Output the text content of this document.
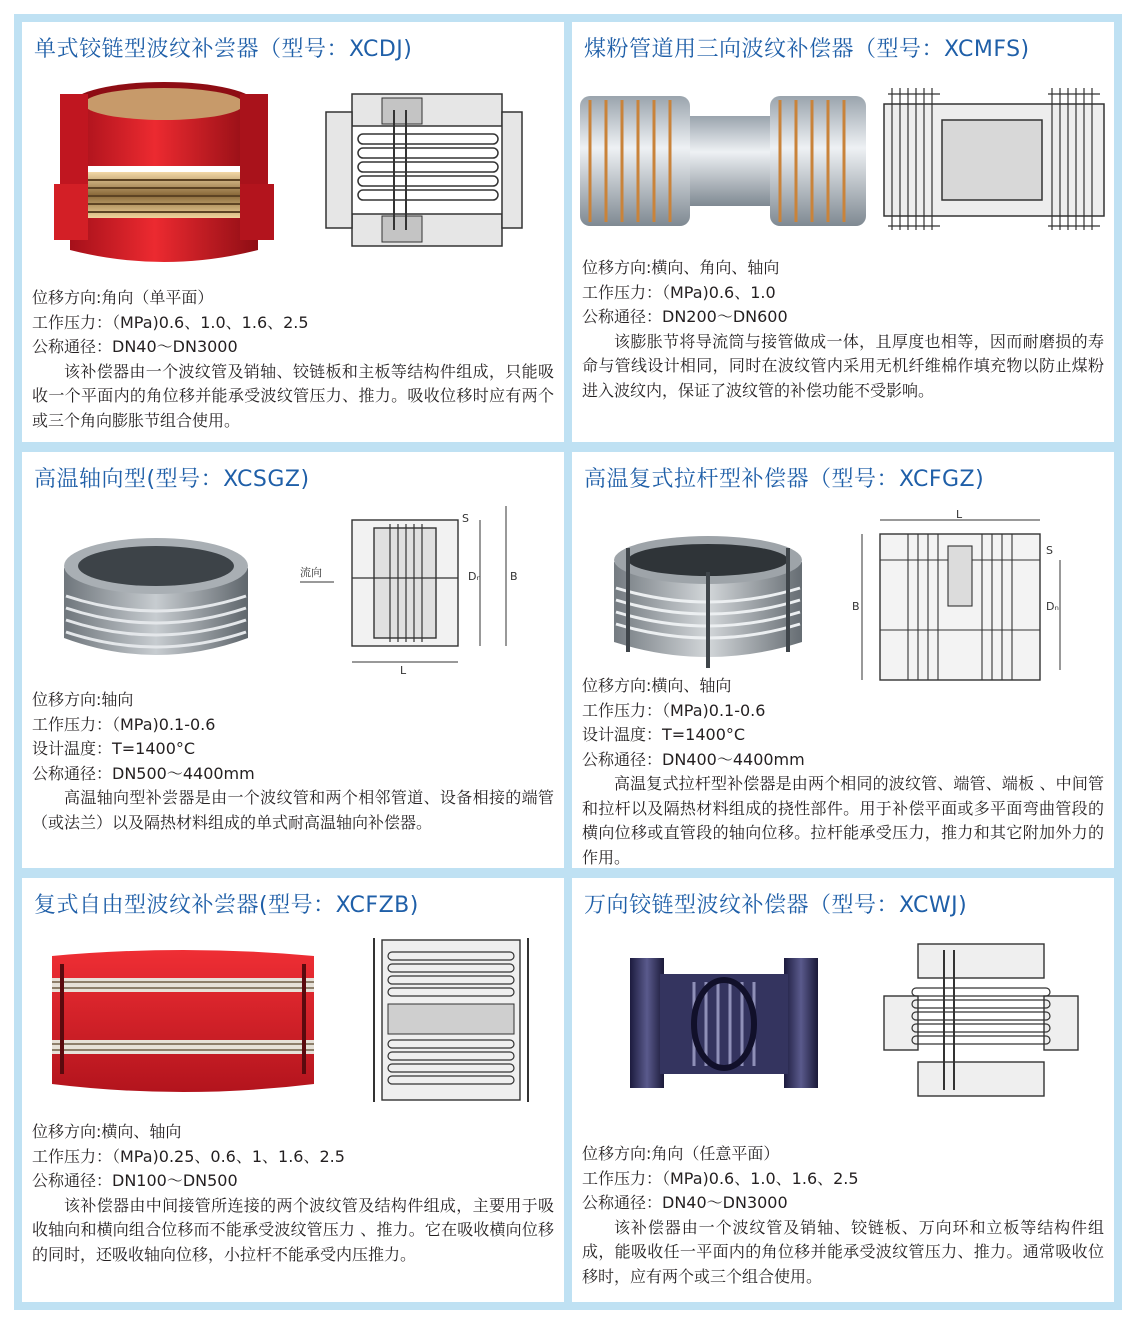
单式铰链型波纹补尝器（型号：XCDJ)
位移方向:角向（单平面）
工作压力：（MPa)0.6、1.0、1.6、2.5
公称通径：DN40～DN3000
该补偿器由一个波纹管及销轴、铰链板和主板等结构件组成，只能吸收一个平面内的角位移并能承受波纹管压力、推力。吸收位移时应有两个或三个角向膨胀节组合使用。
煤粉管道用三向波纹补偿器（型号：XCMFS)
位移方向:横向、角向、轴向
工作压力：（MPa)0.6、1.0
公称通径：DN200～DN600
该膨胀节将导流筒与接管做成一体，且厚度也相等，因而耐磨损的寿命与管线设计相同，同时在波纹管内采用无机纤维棉作填充物以防止煤粉进入波纹内，保证了波纹管的补偿功能不受影响。
高温轴向型(型号：XCSGZ)
流向
L
B
Dₙ
S
位移方向:轴向
工作压力：（MPa)0.1-0.6
设计温度：T=1400°C
公称通径：DN500～4400mm
高温轴向型补尝器是由一个波纹管和两个相邻管道、设备相接的端管（或法兰）以及隔热材料组成的单式耐高温轴向补偿器。
高温复式拉杆型补偿器（型号：XCFGZ)
L
B	Dₙ
S
位移方向:横向、轴向
工作压力：（MPa)0.1-0.6
设计温度：T=1400°C
公称通径：DN400～4400mm
高温复式拉杆型补偿器是由两个相同的波纹管、端管、端板 、中间管和拉杆以及隔热材料组成的挠性部件。用于补偿平面或多平面弯曲管段的横向位移或直管段的轴向位移。拉杆能承受压力，推力和其它附加外力的作用。
复式自由型波纹补尝器(型号：XCFZB)
位移方向:横向、轴向
工作压力：（MPa)0.25、0.6、1、1.6、2.5
公称通径：DN100～DN500
该补偿器由中间接管所连接的两个波纹管及结构件组成，主要用于吸收轴向和横向组合位移而不能承受波纹管压力 、推力。它在吸收横向位移的同时，还吸收轴向位移，小拉杆不能承受内压推力。
万向铰链型波纹补偿器（型号：XCWJ)
位移方向:角向（任意平面）
工作压力：（MPa)0.6、1.0、1.6、2.5
公称通径：DN40～DN3000
该补偿器由一个波纹管及销轴、铰链板、万向环和立板等结构件组成，能吸收任一平面内的角位移并能承受波纹管压力、推力。通常吸收位移时，应有两个或三个组合使用。
